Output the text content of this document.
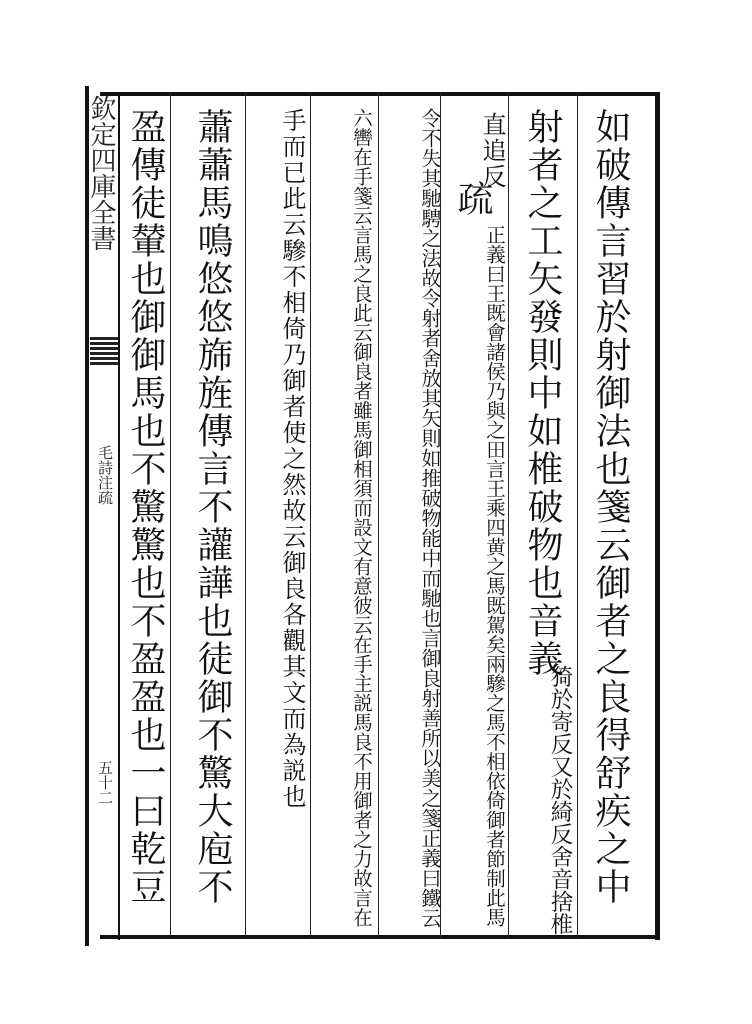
欽定四庫全書
毛詩注疏
五十二	如破傳言習於射御法也箋云御者之良得舒疾之中
射者之工矢發則中如椎破物也音義
猗於寄反又於綺反舍音捨椎
直追反
疏
正義曰王既會諸侯乃與之田言王乘四黄之馬既駕矣兩驂之馬不相依倚御者節制此馬
令不失其馳騁之法故令射者舍放其矢則如推破物能中而馳也言御良射善所以美之箋正義曰鐵云
六轡在手箋云言馬之良此云御良者雖馬御相須而設文有意彼云在手主説馬良不用御者之力故言在
手而已此云驂不相倚乃御者使之然故云御良各觀其文而為説也
蕭蕭馬鳴悠悠旆旌傳言不讙譁也徒御不驚大庖不
盈傳徒輦也御御馬也不驚驚也不盈盈也一曰乾豆
